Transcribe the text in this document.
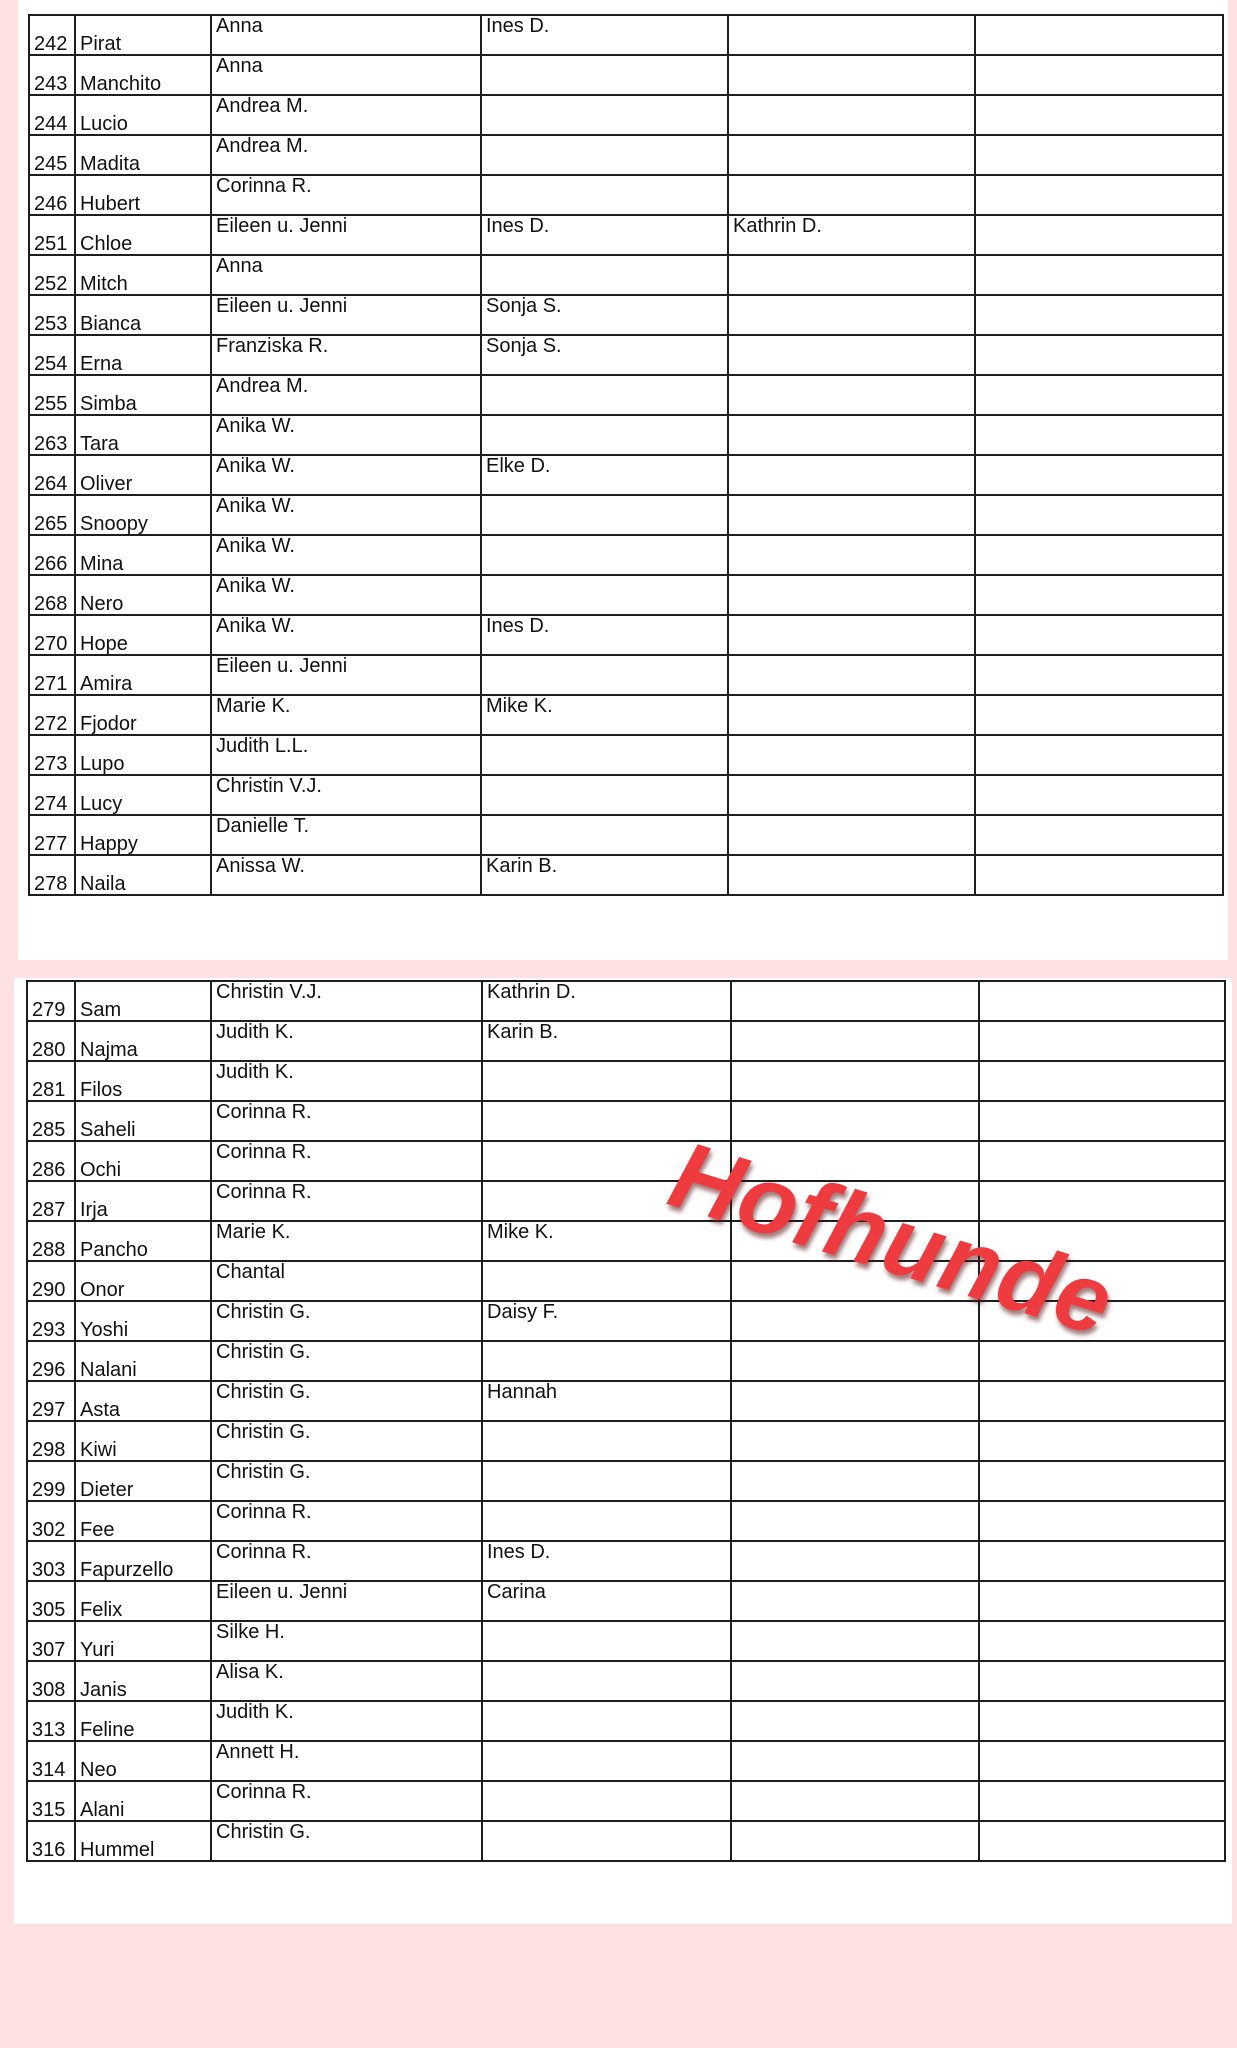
242	Pirat	Anna	Ines D.		
243	Manchito	Anna			
244	Lucio	Andrea M.			
245	Madita	Andrea M.			
246	Hubert	Corinna R.			
251	Chloe	Eileen u. Jenni	Ines D.	Kathrin D.	
252	Mitch	Anna			
253	Bianca	Eileen u. Jenni	Sonja S.		
254	Erna	Franziska R.	Sonja S.		
255	Simba	Andrea M.			
263	Tara	Anika W.			
264	Oliver	Anika W.	Elke D.		
265	Snoopy	Anika W.			
266	Mina	Anika W.			
268	Nero	Anika W.			
270	Hope	Anika W.	Ines D.		
271	Amira	Eileen u. Jenni			
272	Fjodor	Marie K.	Mike K.		
273	Lupo	Judith L.L.			
274	Lucy	Christin V.J.			
277	Happy	Danielle T.			
278	Naila	Anissa W.	Karin B.		
279	Sam	Christin V.J.	Kathrin D.		
280	Najma	Judith K.	Karin B.		
281	Filos	Judith K.			
285	Saheli	Corinna R.			
286	Ochi	Corinna R.			
287	Irja	Corinna R.			
288	Pancho	Marie K.	Mike K.		
290	Onor	Chantal			
293	Yoshi	Christin G.	Daisy F.		
296	Nalani	Christin G.			
297	Asta	Christin G.	Hannah		
298	Kiwi	Christin G.			
299	Dieter	Christin G.			
302	Fee	Corinna R.			
303	Fapurzello	Corinna R.	Ines D.		
305	Felix	Eileen u. Jenni	Carina		
307	Yuri	Silke H.			
308	Janis	Alisa K.			
313	Feline	Judith K.			
314	Neo	Annett H.			
315	Alani	Corinna R.			
316	Hummel	Christin G.			
Hofhunde
